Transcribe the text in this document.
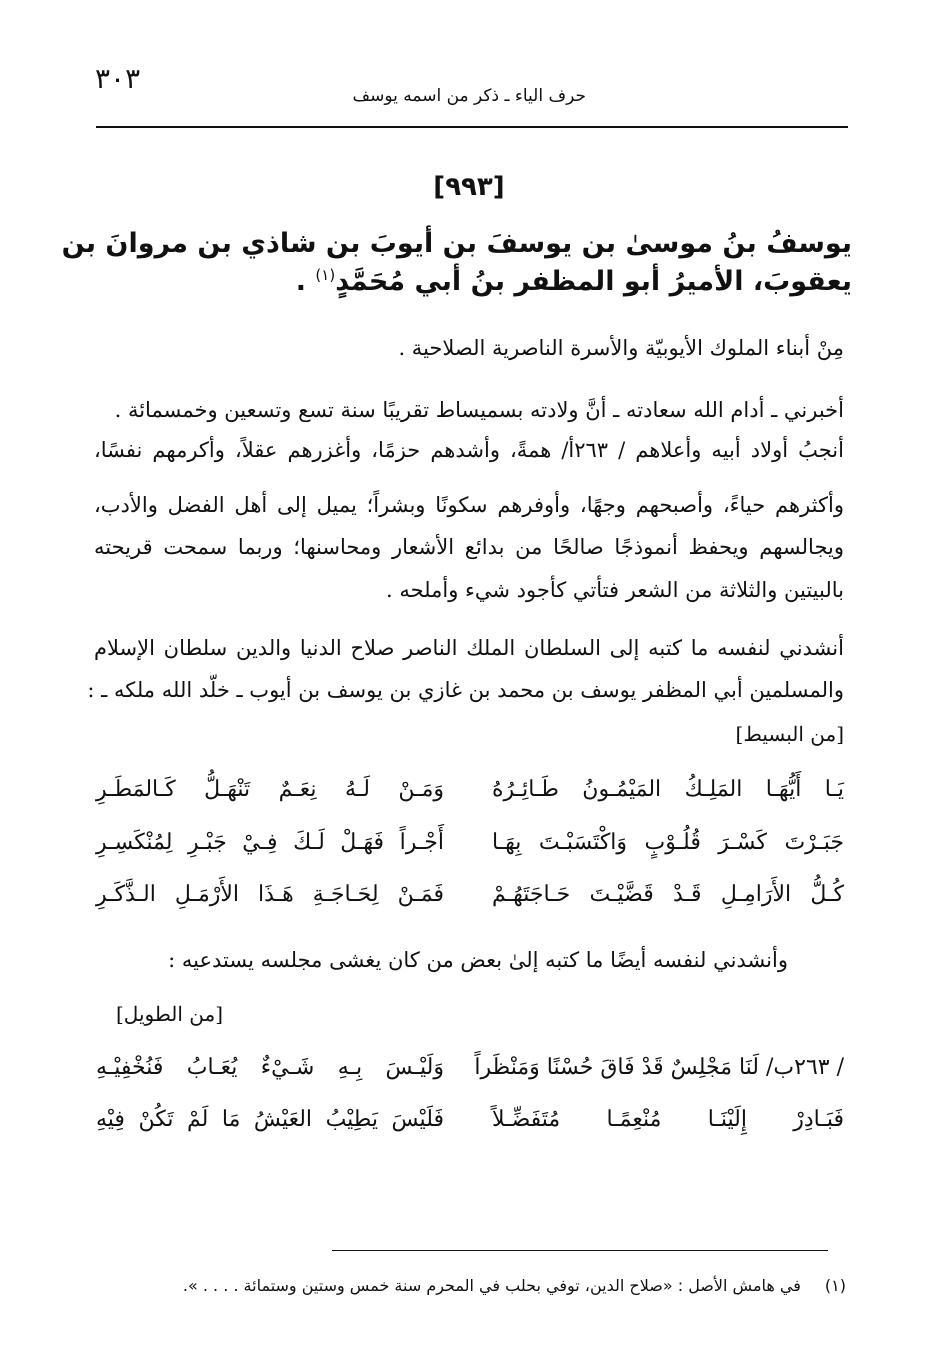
٣٠٣
حرف الياء ـ ذكر من اسمه يوسف
[٩٩٣]
يوسفُ بنُ موسىٰ بن يوسفَ بن أيوبَ بن شاذي بن مروانَ بن
يعقوبَ، الأميرُ أبو المظفر بنُ أبي مُحَمَّدٍ$^{(١)}$ .
مِنْ أبناء الملوك الأيوبيّة والأسرة الناصرية الصلاحية .
أخبرني ـ أدام الله سعادته ـ أنَّ ولادته بسميساط تقريبًا سنة تسع وتسعين وخمسمائة .
أنجبُ أولاد أبيه وأعلاهم / ٢٦٣أ/ همةً، وأشدهم حزمًا، وأغزرهم عقلاً، وأكرمهم نفسًا،
وأكثرهم حياءً، وأصبحهم وجهًا، وأوفرهم سكونًا وبشراً؛ يميل إلى أهل الفضل والأدب،
ويجالسهم ويحفظ أنموذجًا صالحًا من بدائع الأشعار ومحاسنها؛ وربما سمحت قريحته
بالبيتين والثلاثة من الشعر فتأتي كأجود شيء وأملحه .
أنشدني لنفسه ما كتبه إلى السلطان الملك الناصر صلاح الدنيا والدين سلطان الإسلام
والمسلمين أبي المظفر يوسف بن محمد بن غازي بن يوسف بن أيوب ـ خلّد الله ملكه ـ :
[من البسيط]
يَـا أَيُّهَـا المَلِـكُ المَيْمُـونُ طَـائِـرُهُ
وَمَـنْ لَـهُ نِعَـمٌ تَنْهَـلُّ كَـالمَطَـرِ
جَبَـرْتَ كَسْـرَ قُلُـوْبٍ وَاكْتَسَبْـتَ بِهَـا
أَجْـراً فَهَـلْ لَـكَ فِـيْ جَبْـرِ لِمُنْكَسِـرِ
كُـلُّ الأَرَامِـلِ قَـدْ قَضَّيْـتَ حَـاجَتَهُـمْ
فَمَـنْ لِحَـاجَـةِ هَـذَا الأَرْمَـلِ الـذَّكَـرِ
وأنشدني لنفسه أيضًا ما كتبه إلىٰ بعض من كان يغشى مجلسه يستدعيه :
[من الطويل]
/ ٢٦٣ب/ لَنَا مَجْلِسٌ قَدْ فَاقَ حُسْنًا وَمَنْظَراً
وَلَيْـسَ بِـهِ شَـيْءٌ يُعَـابُ فَنُخْفِيْـهِ
فَبَـادِرْ إِلَيْنَـا مُنْعِمًـا مُتَفَضِّـلاً
فَلَيْسَ يَطِيْبُ العَيْشُ مَا لَمْ تَكُنْ فِيْهِ
(١)في هامش الأصل : «صلاح الدين، توفي بحلب في المحرم سنة خمس وستين وستمائة . . . . ».
